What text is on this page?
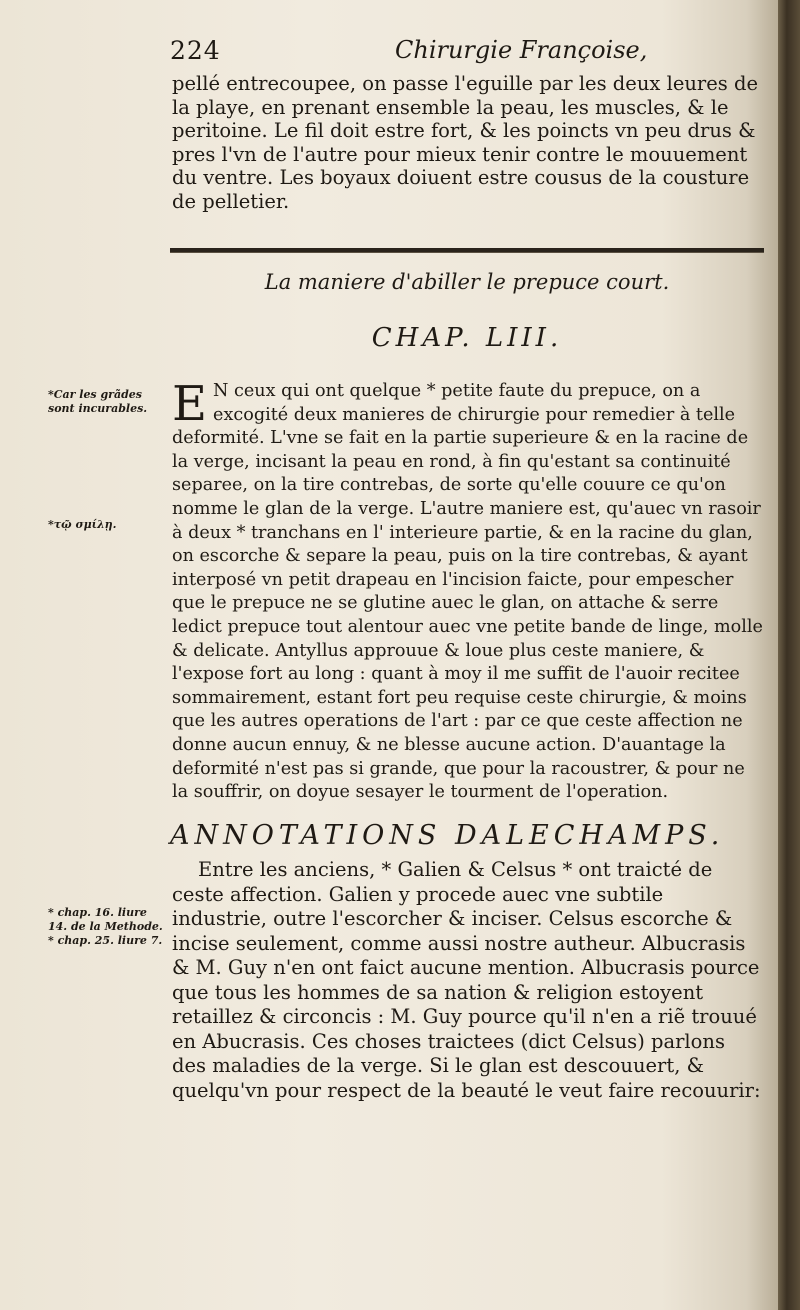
224	Chirurgie Françoise,

pellé entrecoupee, on passe l'eguille par les deux leures de la playe, en prenant ensemble la peau, les muscles, & le peritoine. Le fil doit estre fort, & les poincts vn peu drus & pres l'vn de l'autre pour mieux tenir contre le mouuement du ventre. Les boyaux doiuent estre cousus de la cousture de pelletier.

La maniere d'abiller le prepuce court.
CHAP. LIII.
*Car les grãdes sont incurables.
*τῷ σμίλῃ.
* chap. 16. liure 14. de la Methode. * chap. 25. liure 7.
E N ceux qui ont quelque * petite faute du prepuce, on a excogité deux manieres de chirurgie pour remedier à telle deformité. L'vne se fait en la partie superieure & en la racine de la verge, incisant la peau en rond, à fin qu'estant sa continuité separee, on la tire contrebas, de sorte qu'elle couure ce qu'on nomme le glan de la verge. L'autre maniere est, qu'auec vn rasoir à deux * tranchans en l' interieure partie, & en la racine du glan, on escorche & separe la peau, puis on la tire contrebas, & ayant interposé vn petit drapeau en l'incision faicte, pour empescher que le prepuce ne se glutine auec le glan, on attache & serre ledict prepuce tout alentour auec vne petite bande de linge, molle & delicate. Antyllus approuue & loue plus ceste maniere, & l'expose fort au long : quant à moy il me suffit de l'auoir recitee sommairement, estant fort peu requise ceste chirurgie, & moins que les autres operations de l'art : par ce que ceste affection ne donne aucun ennuy, & ne blesse aucune action. D'auantage la deformité n'est pas si grande, que pour la racoustrer, & pour ne la souffrir, on doyue sesayer le tourment de l'operation.
ANNOTATIONS DALECHAMPS.

Entre les anciens, * Galien & Celsus * ont traicté de ceste affection. Galien y procede auec vne subtile industrie, outre l'escorcher & inciser. Celsus escorche & incise seulement, comme aussi nostre autheur. Albucrasis & M. Guy n'en ont faict aucune mention. Albucrasis pource que tous les hommes de sa nation & religion estoyent retaillez & circoncis : M. Guy pource qu'il n'en a riẽ trouué en Abucrasis. Ces choses traictees (dict Celsus) parlons des maladies de la verge. Si le glan est descouuert, & quelqu'vn pour respect de la beauté le veut faire recouurir:
